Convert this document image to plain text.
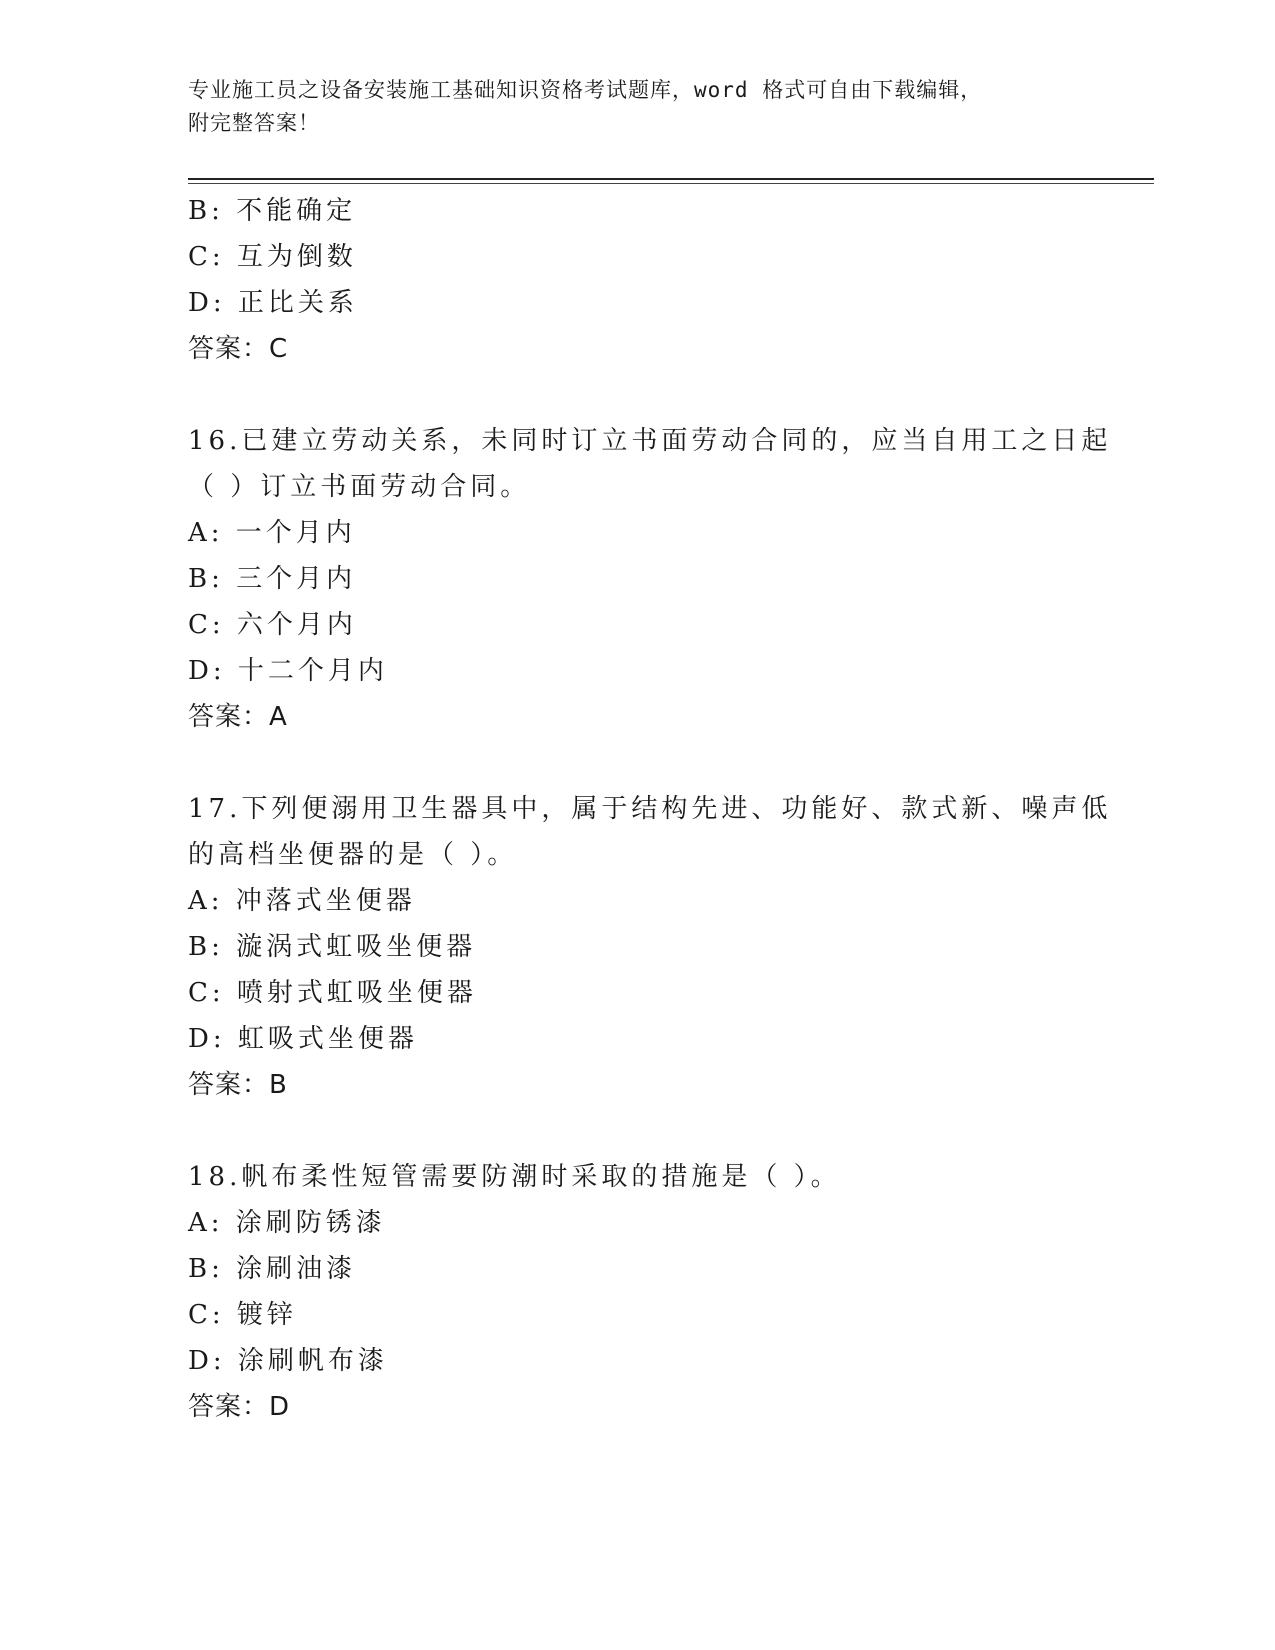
专业施工员之设备安装施工基础知识资格考试题库，word 格式可自由下载编辑，
附完整答案！
B: 不能确定
C: 互为倒数
D: 正比关系
答案：C
16.已建立劳动关系，未同时订立书面劳动合同的，应当自用工之日起
（ ）订立书面劳动合同。
A: 一个月内
B: 三个月内
C: 六个月内
D: 十二个月内
答案：A
17.下列便溺用卫生器具中，属于结构先进、功能好、款式新、噪声低
的高档坐便器的是（ ）。
A: 冲落式坐便器
B: 漩涡式虹吸坐便器
C: 喷射式虹吸坐便器
D: 虹吸式坐便器
答案：B
18.帆布柔性短管需要防潮时采取的措施是（ ）。
A: 涂刷防锈漆
B: 涂刷油漆
C: 镀锌
D: 涂刷帆布漆
答案：D
